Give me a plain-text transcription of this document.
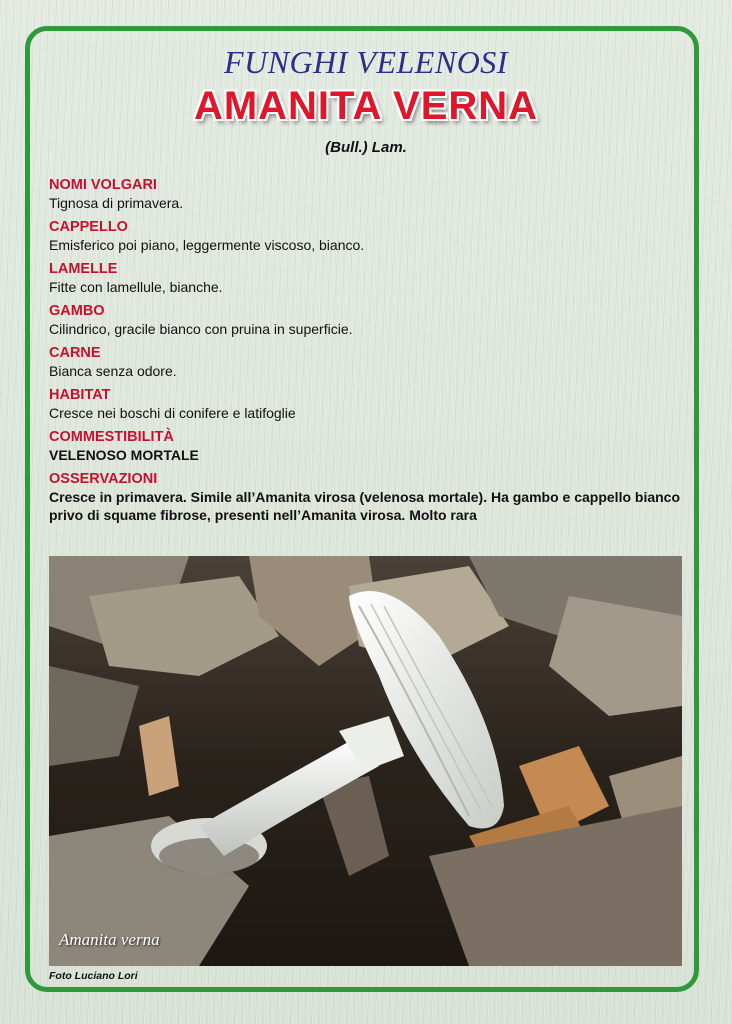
FUNGHI VELENOSI
AMANITA VERNA
(Bull.) Lam.
NOMI VOLGARI
Tignosa di primavera.
CAPPELLO
Emisferico poi piano, leggermente viscoso, bianco.
LAMELLE
Fitte con lamellule, bianche.
GAMBO
Cilindrico, gracile bianco con pruina in superficie.
CARNE
Bianca senza odore.
HABITAT
Cresce nei boschi di conifere e latifoglie
COMMESTIBILITÀ
VELENOSO MORTALE
OSSERVAZIONI
Cresce in primavera. Simile all’Amanita virosa (velenosa mortale). Ha gambo e cappello bianco privo di squame fibrose, presenti nell’Amanita virosa. Molto rara
Amanita verna
Foto Luciano Lori
